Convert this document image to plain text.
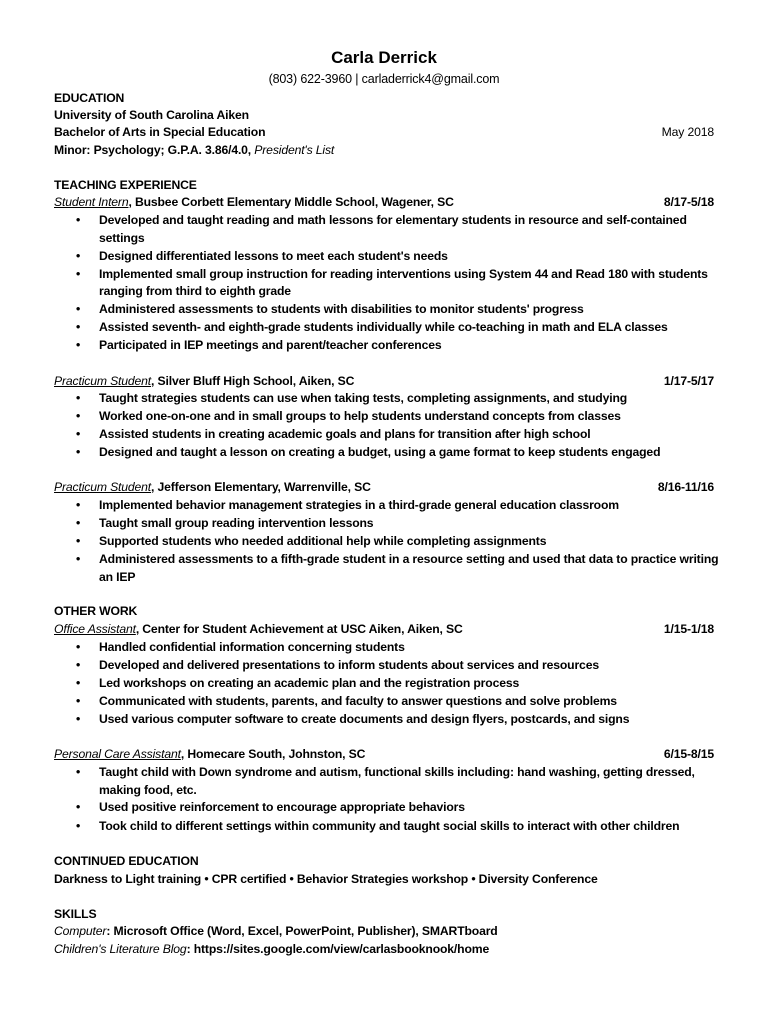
Carla Derrick
(803) 622-3960 | carladerrick4@gmail.com
EDUCATION
University of South Carolina Aiken
Bachelor of Arts in Special Education	May 2018
Minor: Psychology; G.P.A. 3.86/4.0, President's List
TEACHING EXPERIENCE
Student Intern, Busbee Corbett Elementary Middle School, Wagener, SC	8/17-5/18
• Developed and taught reading and math lessons for elementary students in resource and self-contained
settings
• Designed differentiated lessons to meet each student's needs
• Implemented small group instruction for reading interventions using System 44 and Read 180 with students
ranging from third to eighth grade
• Administered assessments to students with disabilities to monitor students' progress
• Assisted seventh- and eighth-grade students individually while co-teaching in math and ELA classes
• Participated in IEP meetings and parent/teacher conferences
Practicum Student, Silver Bluff High School, Aiken, SC	1/17-5/17
• Taught strategies students can use when taking tests, completing assignments, and studying
• Worked one-on-one and in small groups to help students understand concepts from classes
• Assisted students in creating academic goals and plans for transition after high school
• Designed and taught a lesson on creating a budget, using a game format to keep students engaged
Practicum Student, Jefferson Elementary, Warrenville, SC	8/16-11/16
• Implemented behavior management strategies in a third-grade general education classroom
• Taught small group reading intervention lessons
• Supported students who needed additional help while completing assignments
• Administered assessments to a fifth-grade student in a resource setting and used that data to practice writing
an IEP
OTHER WORK
Office Assistant, Center for Student Achievement at USC Aiken, Aiken, SC	1/15-1/18
• Handled confidential information concerning students
• Developed and delivered presentations to inform students about services and resources
• Led workshops on creating an academic plan and the registration process
• Communicated with students, parents, and faculty to answer questions and solve problems
• Used various computer software to create documents and design flyers, postcards, and signs
Personal Care Assistant, Homecare South, Johnston, SC	6/15-8/15
• Taught child with Down syndrome and autism, functional skills including: hand washing, getting dressed,
making food, etc.
• Used positive reinforcement to encourage appropriate behaviors
• Took child to different settings within community and taught social skills to interact with other children
CONTINUED EDUCATION
Darkness to Light training • CPR certified • Behavior Strategies workshop • Diversity Conference
SKILLS
Computer: Microsoft Office (Word, Excel, PowerPoint, Publisher), SMARTboard
Children's Literature Blog: https://sites.google.com/view/carlasbooknook/home
